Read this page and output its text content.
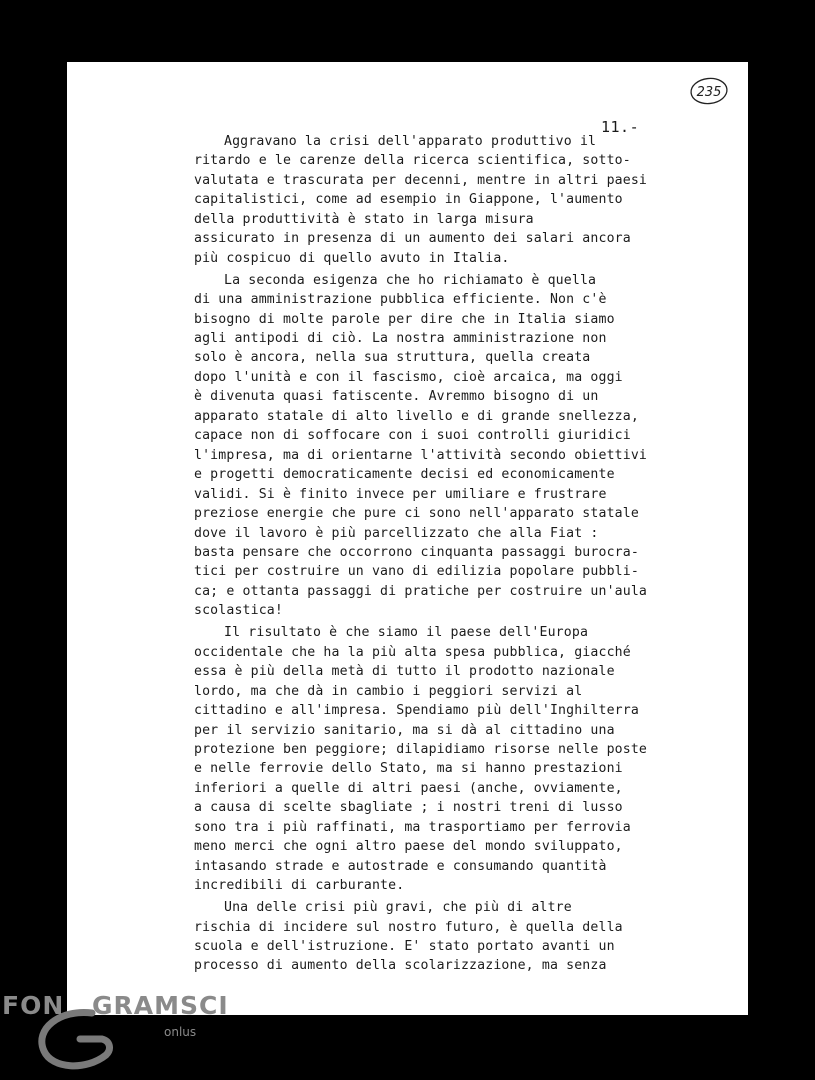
235
11.-
Aggravano la crisi dell'apparato produttivo il
ritardo e le carenze della ricerca scientifica, sotto-
valutata e trascurata per decenni, mentre in altri paesi
capitalistici, come ad esempio in Giappone, l'aumento
della produttività è stato in larga misura
assicurato in presenza di un aumento dei salari ancora
più cospicuo di quello avuto in Italia.
La seconda esigenza che ho richiamato è quella
di una amministrazione pubblica efficiente. Non c'è
bisogno di molte parole per dire che in Italia siamo
agli antipodi di ciò. La nostra amministrazione non
solo è ancora, nella sua struttura, quella creata
dopo l'unità e con il fascismo, cioè arcaica, ma oggi
è divenuta quasi fatiscente. Avremmo bisogno di un
apparato statale di alto livello e di grande snellezza,
capace non di soffocare con i suoi controlli giuridici
l'impresa, ma di orientarne l'attività secondo obiettivi
e progetti democraticamente decisi ed economicamente
validi. Si è finito invece per umiliare e frustrare
preziose energie che pure ci sono nell'apparato statale
dove il lavoro è più parcellizzato che alla Fiat :
basta pensare che occorrono cinquanta passaggi burocra-
tici per costruire un vano di edilizia popolare pubbli-
ca; e ottanta passaggi di pratiche per costruire un'aula
scolastica!
Il risultato è che siamo il paese dell'Europa
occidentale che ha la più alta spesa pubblica, giacché
essa è più della metà di tutto il prodotto nazionale
lordo, ma che dà in cambio i peggiori servizi al
cittadino e all'impresa. Spendiamo più dell'Inghilterra
per il servizio sanitario, ma si dà al cittadino una
protezione ben peggiore; dilapidiamo risorse nelle poste
e nelle ferrovie dello Stato, ma si hanno prestazioni
inferiori a quelle di altri paesi (anche, ovviamente,
a causa di scelte sbagliate ; i nostri treni di lusso
sono tra i più raffinati, ma trasportiamo per ferrovia
meno merci che ogni altro paese del mondo sviluppato,
intasando strade e autostrade e consumando quantità
incredibili di carburante.
Una delle crisi più gravi, che più di altre
rischia di incidere sul nostro futuro, è quella della
scuola e dell'istruzione. E' stato portato avanti un
processo di aumento della scolarizzazione, ma senza
FON GRAMSCI
onlus
